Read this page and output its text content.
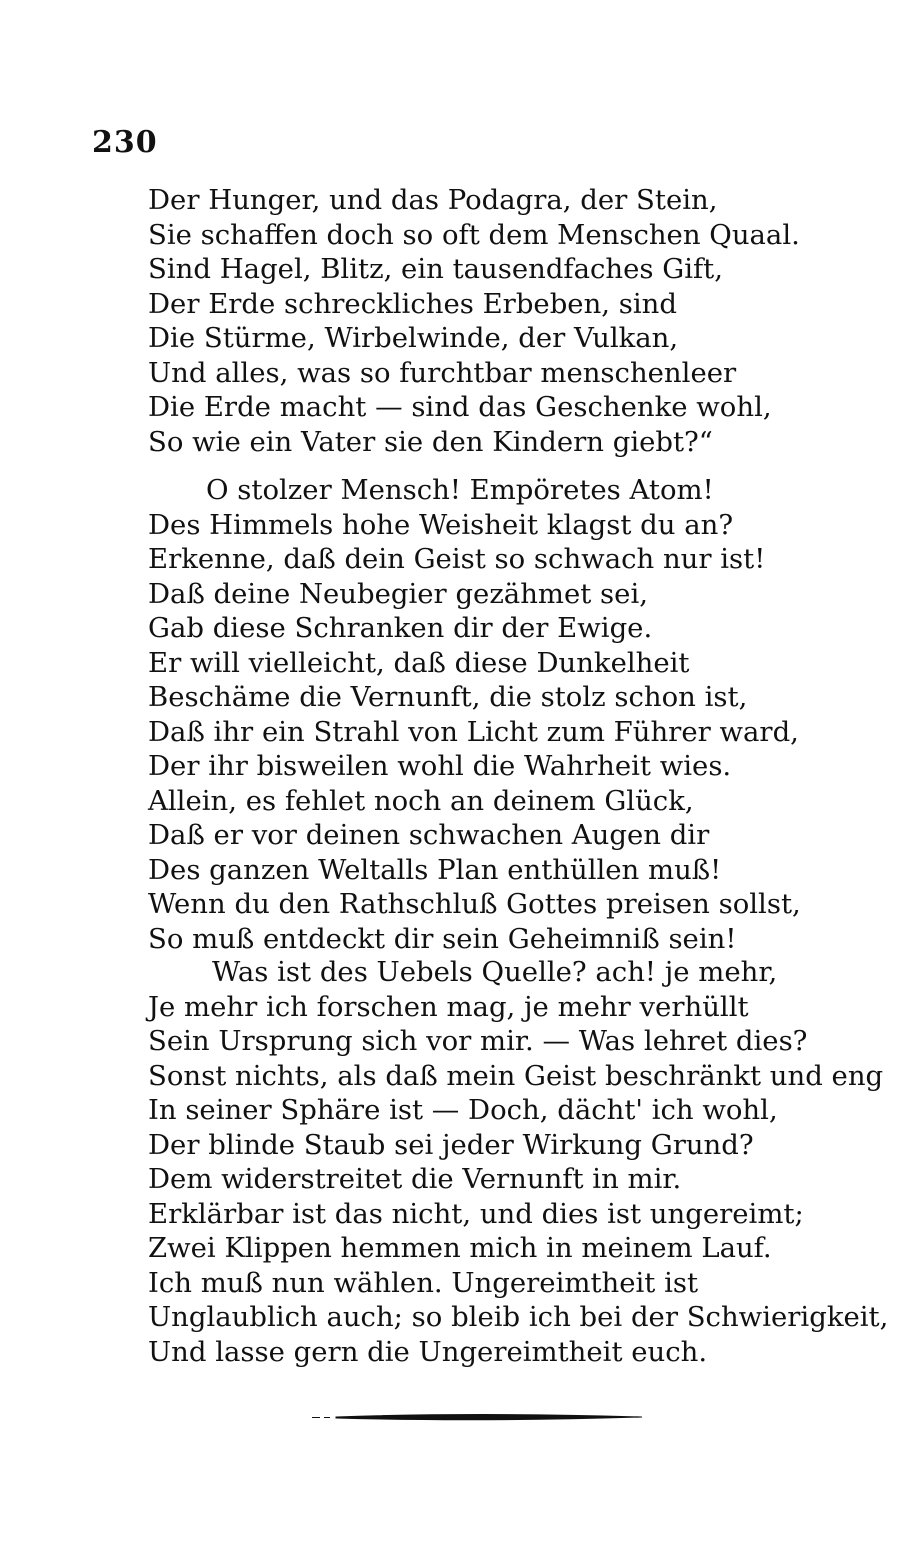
230
Der Hunger, und das Podagra, der Stein,
Sie schaffen doch so oft dem Menschen Quaal.
Sind Hagel, Blitz, ein tausendfaches Gift,
Der Erde schreckliches Erbeben, sind
Die Stürme, Wirbelwinde, der Vulkan,
Und alles, was so furchtbar menschenleer
Die Erde macht — sind das Geschenke wohl,
So wie ein Vater sie den Kindern giebt?“
O stolzer Mensch! Empöretes Atom!
Des Himmels hohe Weisheit klagst du an?
Erkenne, daß dein Geist so schwach nur ist!
Daß deine Neubegier gezähmet sei,
Gab diese Schranken dir der Ewige.
Er will vielleicht, daß diese Dunkelheit
Beschäme die Vernunft, die stolz schon ist,
Daß ihr ein Strahl von Licht zum Führer ward,
Der ihr bisweilen wohl die Wahrheit wies.
Allein, es fehlet noch an deinem Glück,
Daß er vor deinen schwachen Augen dir
Des ganzen Weltalls Plan enthüllen muß!
Wenn du den Rathschluß Gottes preisen sollst,
So muß entdeckt dir sein Geheimniß sein!
Was ist des Uebels Quelle? ach! je mehr,
Je mehr ich forschen mag, je mehr verhüllt
Sein Ursprung sich vor mir. — Was lehret dies?
Sonst nichts, als daß mein Geist beschränkt und eng
In seiner Sphäre ist — Doch, dächt' ich wohl,
Der blinde Staub sei jeder Wirkung Grund?
Dem widerstreitet die Vernunft in mir.
Erklärbar ist das nicht, und dies ist ungereimt;
Zwei Klippen hemmen mich in meinem Lauf.
Ich muß nun wählen. Ungereimtheit ist
Unglaublich auch; so bleib ich bei der Schwierigkeit,
Und lasse gern die Ungereimtheit euch.
